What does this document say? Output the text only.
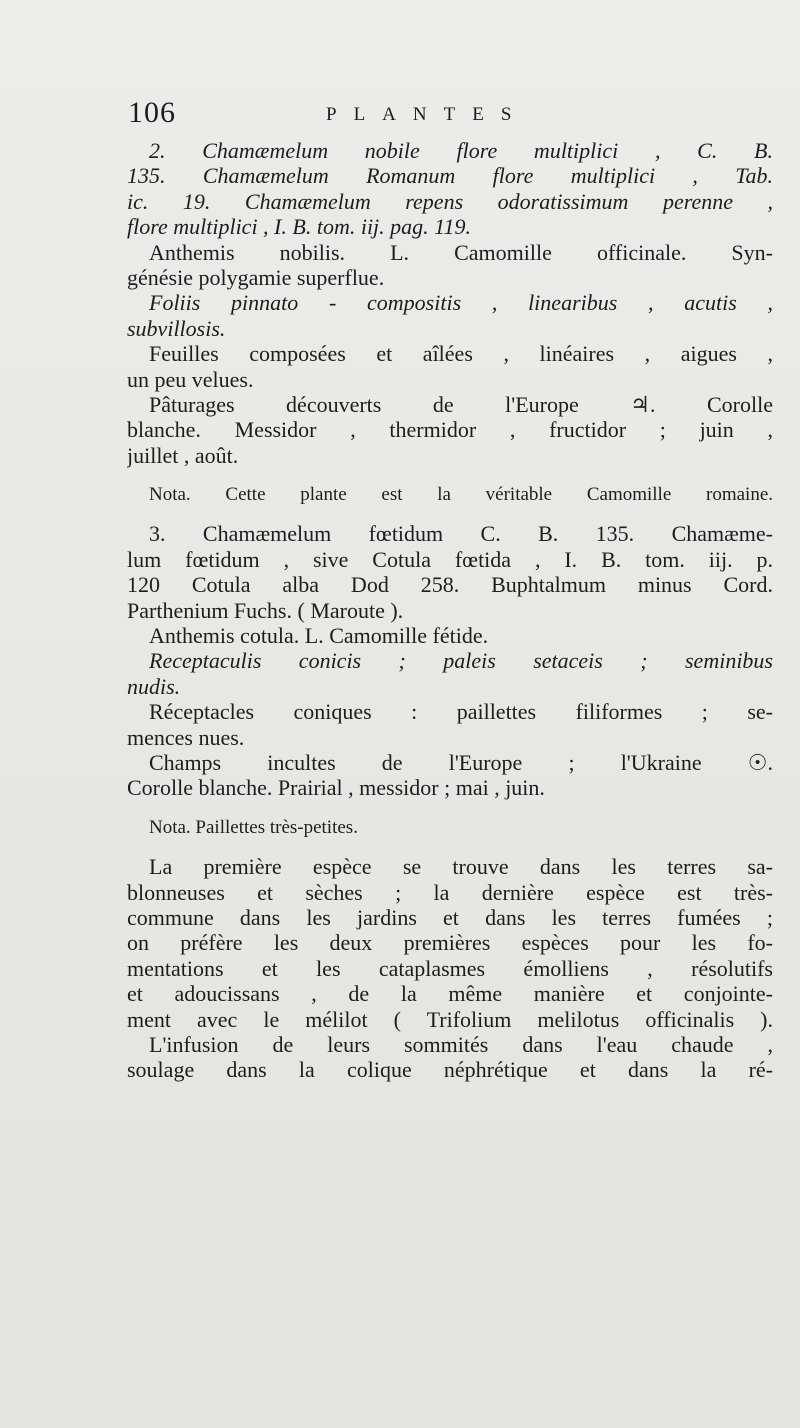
106	PLANTES
2. Chamæmelum nobile flore multiplici , C. B.
135. Chamæmelum Romanum flore multiplici , Tab.
ic. 19. Chamæmelum repens odoratissimum perenne ,
flore multiplici , I. B. tom. iij. pag. 119.
Anthemis nobilis. L. Camomille officinale. Syn-
génésie polygamie superflue.
Foliis pinnato - compositis , linearibus , acutis ,
subvillosis.
Feuilles composées et aîlées , linéaires , aigues ,
un peu velues.
Pâturages découverts de l'Europe ♃. Corolle
blanche. Messidor , thermidor , fructidor ; juin ,
juillet , août.
Nota. Cette plante est la véritable Camomille romaine.
3. Chamæmelum fœtidum C. B. 135. Chamæme-
lum fœtidum , sive Cotula fœtida , I. B. tom. iij. p.
120 Cotula alba Dod 258. Buphtalmum minus Cord.
Parthenium Fuchs. ( Maroute ).
Anthemis cotula. L. Camomille fétide.
Receptaculis conicis ; paleis setaceis ; seminibus
nudis.
Réceptacles coniques : paillettes filiformes ; se-
mences nues.
Champs incultes de l'Europe ; l'Ukraine ☉.
Corolle blanche. Prairial , messidor ; mai , juin.
Nota. Paillettes très-petites.
La première espèce se trouve dans les terres sa-
blonneuses et sèches ; la dernière espèce est très-
commune dans les jardins et dans les terres fumées ;
on préfère les deux premières espèces pour les fo-
mentations et les cataplasmes émolliens , résolutifs
et adoucissans , de la même manière et conjointe-
ment avec le mélilot ( Trifolium melilotus officinalis ).
L'infusion de leurs sommités dans l'eau chaude ,
soulage dans la colique néphrétique et dans la ré-
